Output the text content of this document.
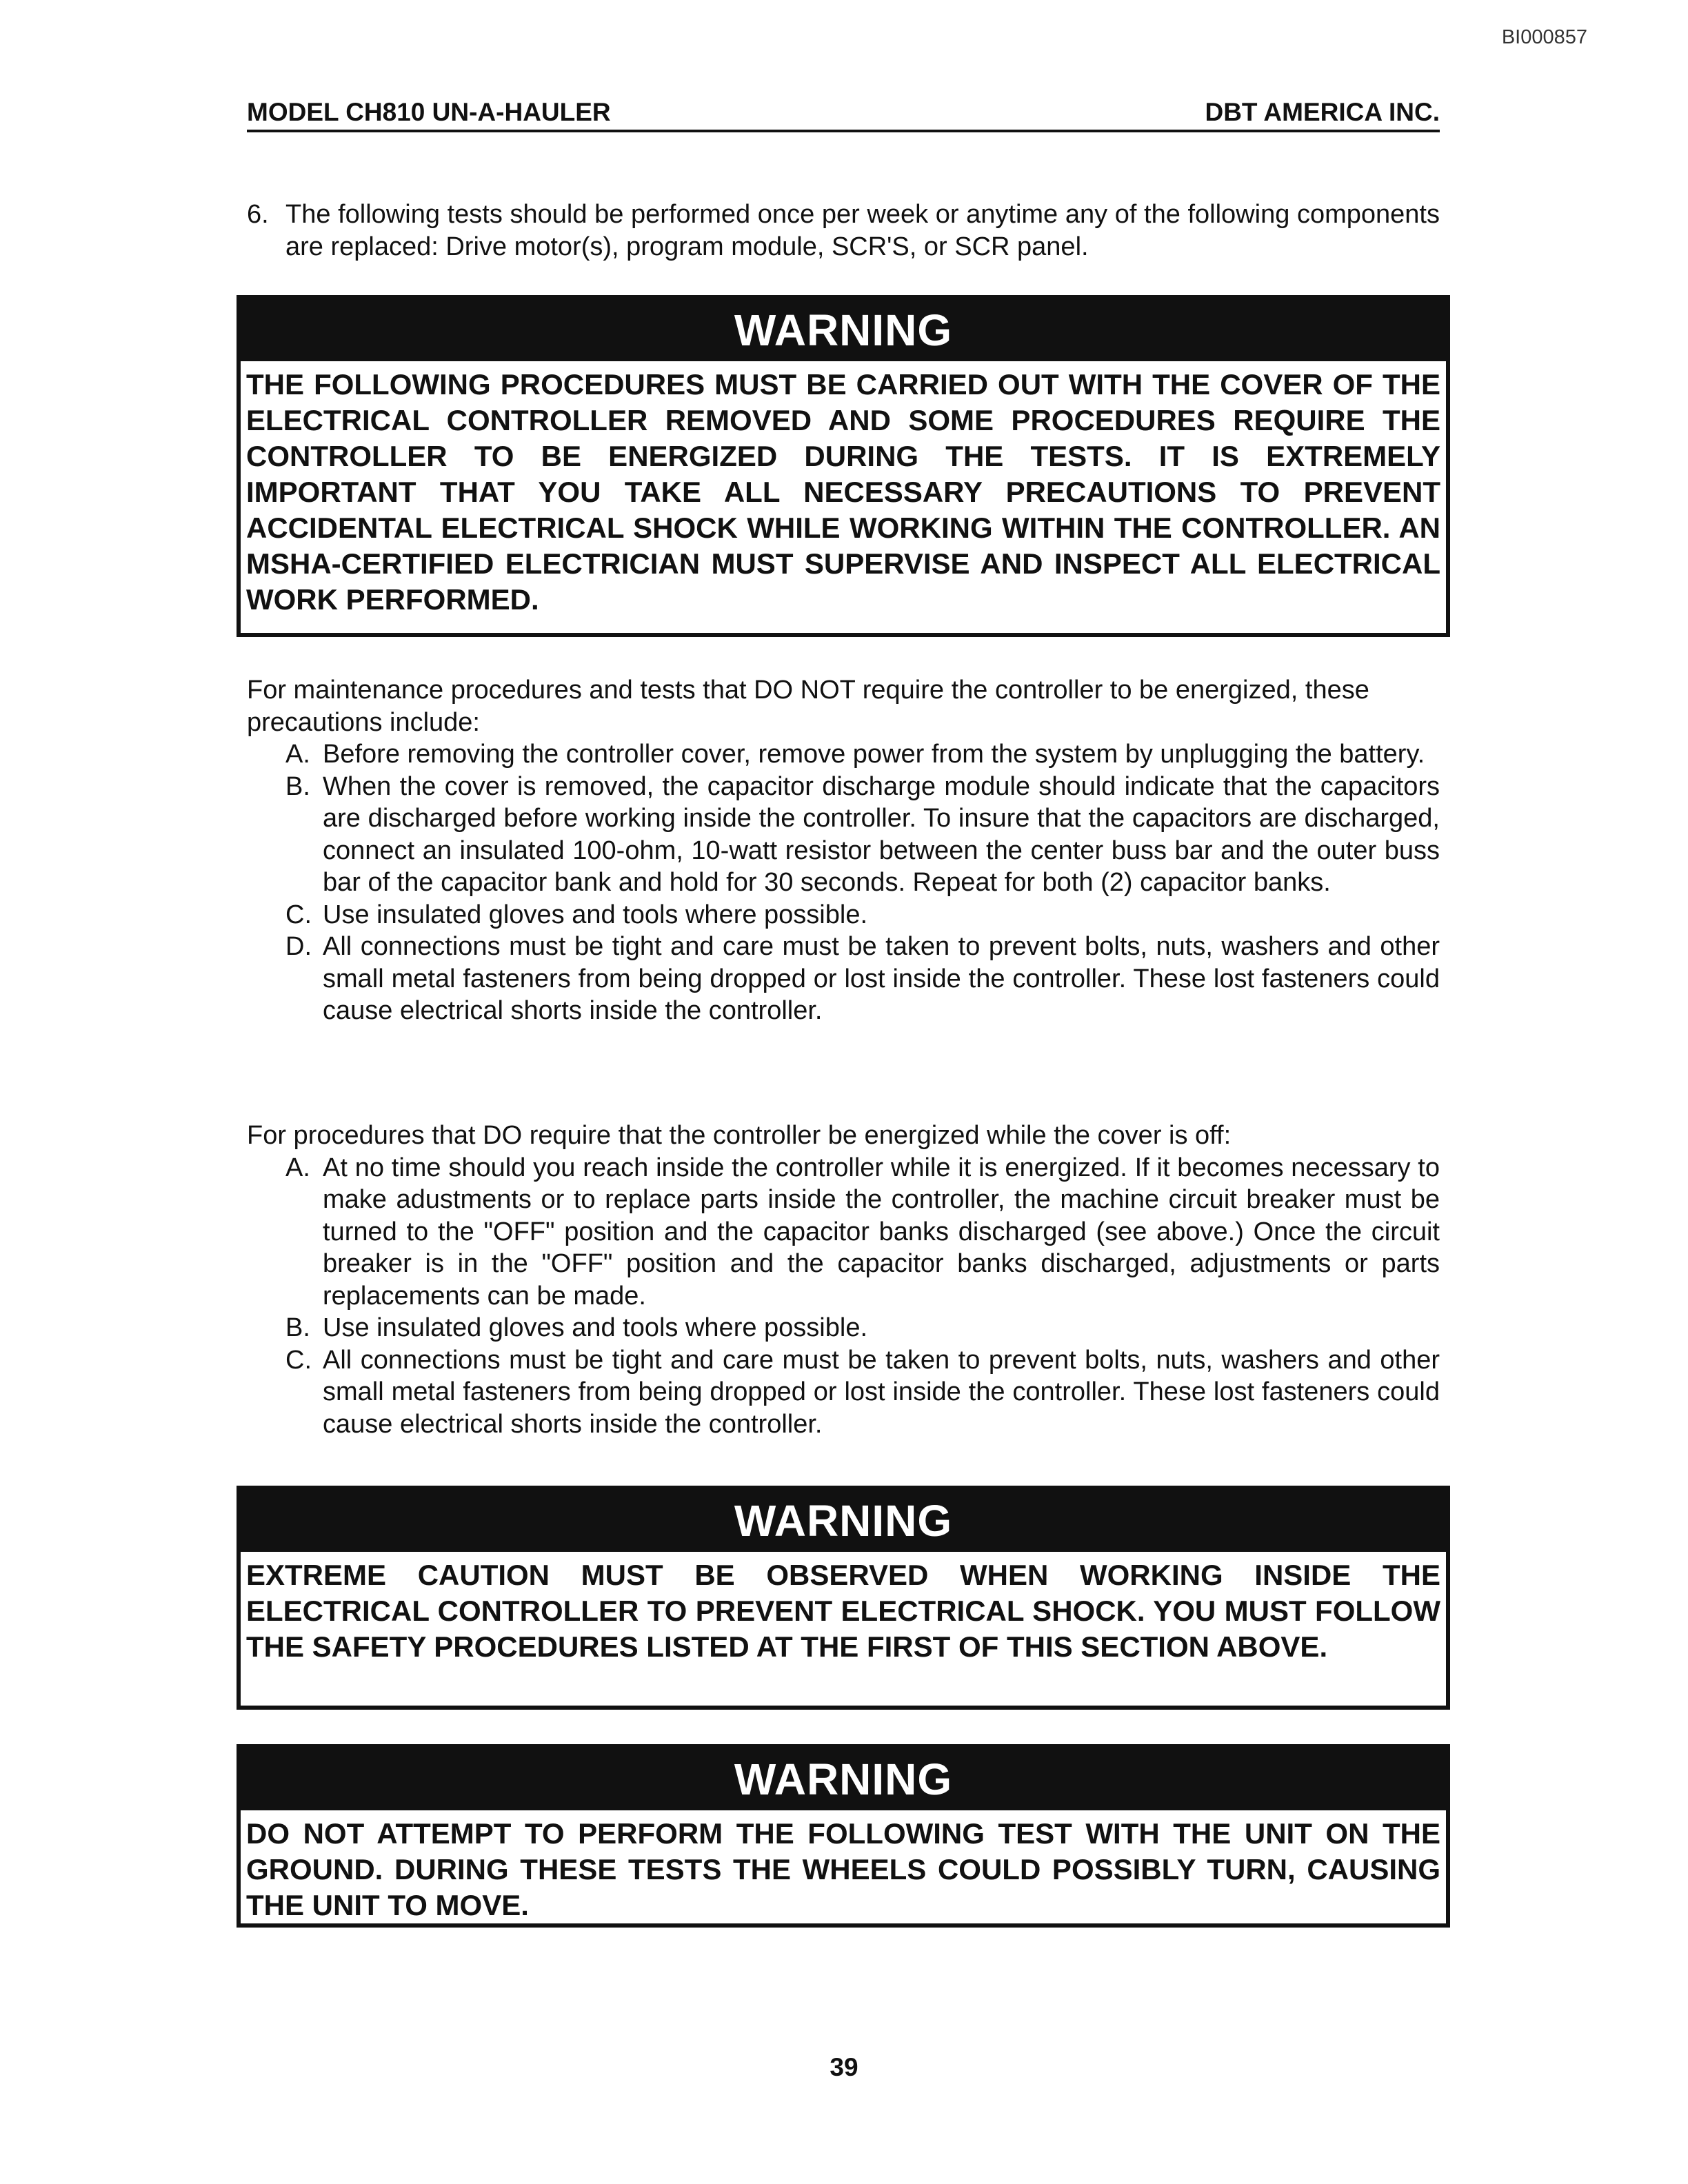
BI000857
MODEL CH810 UN-A-HAULER	DBT AMERICA INC.
6. The following tests should be performed once per week or anytime any of the following components are replaced: Drive motor(s), program module, SCR'S, or SCR panel.
WARNING
THE FOLLOWING PROCEDURES MUST BE CARRIED OUT WITH THE COVER OF THE ELECTRICAL CONTROLLER REMOVED AND SOME PROCEDURES REQUIRE THE CONTROLLER TO BE ENERGIZED DURING THE TESTS. IT IS EXTREMELY IMPORTANT THAT YOU TAKE ALL NECESSARY PRECAUTIONS TO PREVENT ACCIDENTAL ELECTRICAL SHOCK WHILE WORKING WITHIN THE CONTROLLER. AN MSHA-CERTIFIED ELECTRICIAN MUST SUPERVISE AND INSPECT ALL ELECTRICAL WORK PERFORMED.

For maintenance procedures and tests that DO NOT require the controller to be energized, these precautions include:

A. Before removing the controller cover, remove power from the system by unplugging the battery.
B. When the cover is removed, the capacitor discharge module should indicate that the capacitors are discharged before working inside the controller. To insure that the capacitors are discharged, connect an insulated 100-ohm, 10-watt resistor between the center buss bar and the outer buss bar of the capacitor bank and hold for 30 seconds. Repeat for both (2) capacitor banks.
C. Use insulated gloves and tools where possible.
D. All connections must be tight and care must be taken to prevent bolts, nuts, washers and other small metal fasteners from being dropped or lost inside the controller. These lost fasteners could cause electrical shorts inside the controller.

For procedures that DO require that the controller be energized while the cover is off:

A. At no time should you reach inside the controller while it is energized. If it becomes necessary to make adustments or to replace parts inside the controller, the machine circuit breaker must be turned to the "OFF" position and the capacitor banks discharged (see above.) Once the circuit breaker is in the "OFF" position and the capacitor banks discharged, adjustments or parts replacements can be made.
B. Use insulated gloves and tools where possible.
C. All connections must be tight and care must be taken to prevent bolts, nuts, washers and other small metal fasteners from being dropped or lost inside the controller. These lost fasteners could cause electrical shorts inside the controller.
WARNING
EXTREME CAUTION MUST BE OBSERVED WHEN WORKING INSIDE THE ELECTRICAL CONTROLLER TO PREVENT ELECTRICAL SHOCK. YOU MUST FOLLOW THE SAFETY PROCEDURES LISTED AT THE FIRST OF THIS SECTION ABOVE.
WARNING
DO NOT ATTEMPT TO PERFORM THE FOLLOWING TEST WITH THE UNIT ON THE GROUND. DURING THESE TESTS THE WHEELS COULD POSSIBLY TURN, CAUSING THE UNIT TO MOVE.
39
